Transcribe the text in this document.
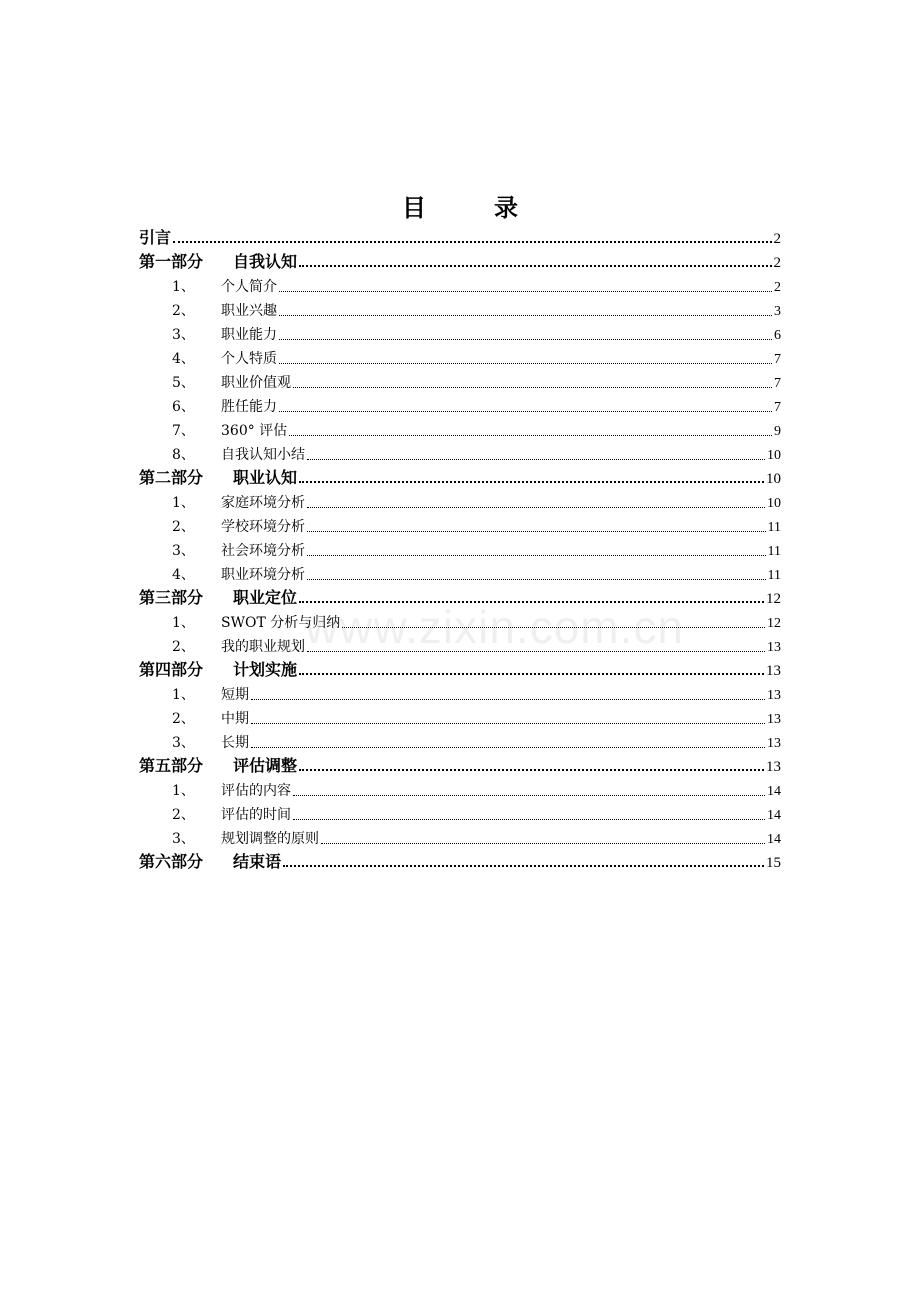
目　录
引言	2
第一部分	自我认知	2
1、	个人简介	2
2、	职业兴趣	3
3、	职业能力	6
4、	个人特质	7
5、	职业价值观	7
6、	胜任能力	7
7、	360° 评估	9
8、	自我认知小结	10
第二部分	职业认知	10
1、	家庭环境分析	10
2、	学校环境分析	11
3、	社会环境分析	11
4、	职业环境分析	11
第三部分	职业定位	12
1、	SWOT 分析与归纳	12
2、	我的职业规划	13
第四部分	计划实施	13
1、	短期	13
2、	中期	13
3、	长期	13
第五部分	评估调整	13
1、	评估的内容	14
2、	评估的时间	14
3、	规划调整的原则	14
第六部分	结束语	15
www.zixin.com.cn
